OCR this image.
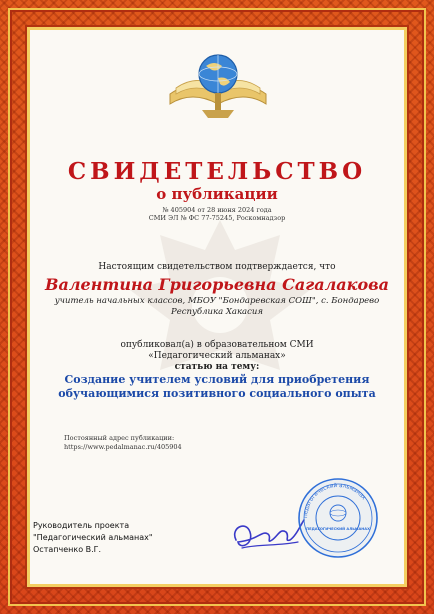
СВИДЕТЕЛЬСТВО
о публикации
№ 405904 от 28 июня 2024 года
СМИ ЭЛ № ФС 77-75245, Роскомнадзор
Настоящим свидетельством подтверждается, что
Валентина Григорьевна Сагалакова
учитель начальных классов, МБОУ "Бондаревская СОШ", с. Бондарево Республика Хакасия
опубликовал(а) в образовательном СМИ
«Педагогический альманах»
статью на тему:
Создание учителем условий для приобретения обучающимися позитивного социального опыта
Постоянный адрес публикации:
https://www.pedalmanac.ru/405904
Руководитель проекта
"Педагогический альманах"
Остапченко В.Г.
педагогический альманах
ПЕДАГОГИЧЕСКИЙ АЛЬМАНАХ
